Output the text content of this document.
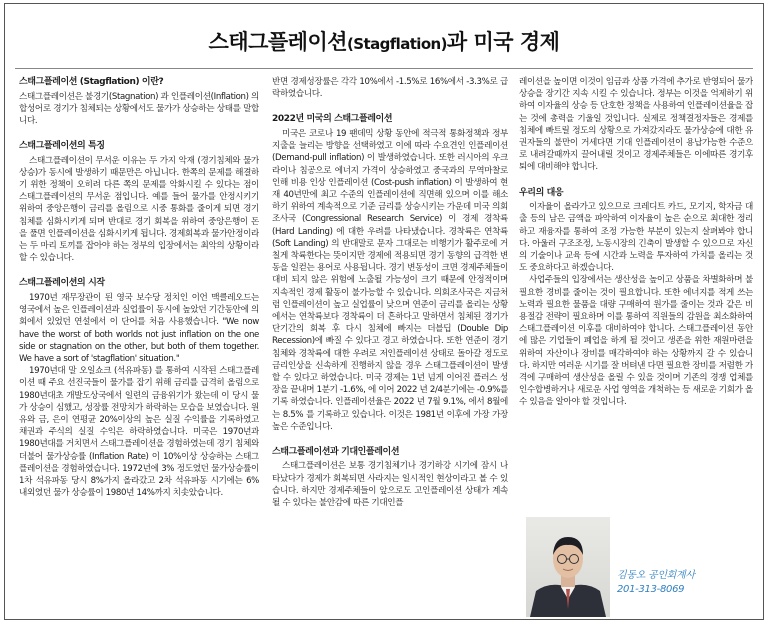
스태그플레이션(Stagflation)과 미국 경제
스태그플레이션 (Stagflation) 이란?

스태그플레이션은 불경기(Stagnation) 과 인플레이션(Inflation) 의 합성어로 경기가 침체되는 상황에서도 물가가 상승하는 상태를 말합니다.

스태그플레이션의 특징

스태그플레이션이 무서운 이유는 두 가지 악재 (경기침체와 물가상승)가 동시에 발생하기 때문만은 아닙니다. 한쪽의 문제를 해결하기 위한 정책이 오히려 다른 쪽의 문제를 악화시킬 수 있다는 점이 스태그플레이션의 무서운 점입니다. 예를 들어 물가를 안정시키기 위하여 중앙은행이 금리를 올림으로 시중 통화를 줄이게 되면 경기침체를 심화시키게 되며 반대로 경기 회복을 위하여 중앙은행이 돈을 풀면 인플레이션을 심화시키게 됩니다. 경제회복과 물가안정이라는 두 마리 토끼를 잡아야 하는 정부의 입장에서는 최악의 상황이라 할 수 있습니다.

스태그플레이션의 시작

1970년 재무장관이 된 영국 보수당 정치인 이언 맥클레오드는 영국에서 높은 인플레이션과 실업률이 동시에 높았던 기간동안에 의회에서 있었던 연설에서 이 단어를 처음 사용했습니다. "We now have the worst of both worlds not just inflation on the one side or stagnation on the other, but both of them together. We have a sort of 'stagflation' situation."

1970년대 말 오일쇼크 (석유파동) 를 통하여 시작된 스태그플레이션 때 주요 선진국들이 물가를 잡기 위해 금리를 급격히 올림으로 1980년대초 개발도상국에서 일련의 금융위기가 왔는데 이 당시 물가 상승이 심했고, 성장률 전망치가 하락하는 모습을 보였습니다. 원유와 금, 은이 연평균 20%이상의 높은 실질 수익률을 기록하였고 채권과 주식의 실질 수익은 하락하였습니다. 미국은 1970년과 1980년대를 거치면서 스태그플레이션을 경험하였는데 경기 침체와 더불어 물가상승률 (Inflation Rate) 이 10%이상 상승하는 스태그플레이션을 경험하였습니다. 1972년에 3% 정도였던 물가상승률이 1차 석유파동 당시 8%가지 올라갔고 2차 석유파동 시기에는 6% 내외였던 물가 상승률이 1980년 14%까지 치솟았습니다.

반면 경제성장률은 각각 10%에서 -1.5%로 16%에서 -3.3%로 급락하였습니다.

2022년 미국의 스태그플레이션

미국은 코로나 19 팬데믹 상황 동안에 적극적 통화정책과 정부지출을 늘리는 방향을 선택하였고 이에 따라 수요견인 인플레이션 (Demand-pull inflation) 이 발생하였습니다. 또한 러시아의 우크라이나 침공으로 에너지 가격이 상승하였고 중국과의 무역마찰로 인해 비용 인상 인플레이션 (Cost-push inflation) 이 발생하여 현재 40년만에 최고 수준의 인플레이션에 직면해 있으며 이를 해소하기 위하여 계속적으로 기준 금리를 상승시키는 가운데 미국 의회조사국 (Congressional Research Service) 이 경제 경착륙 (Hard Landing) 에 대한 우려를 나타냈습니다. 경착륙은 연착륙 (Soft Landing) 의 반대말로 문자 그대로는 비행기가 활주로에 거칠게 착륙한다는 뜻이지만 경제에 적용되면 경기 동향의 급격한 변동을 일컫는 용어로 사용됩니다. 경기 변동성이 크면 경제주체들이 대비 되지 않은 위험에 노출될 가능성이 크기 때문에 안정적이며 지속적인 경제 활동이 불가능할 수 있습니다. 의회조사국은 지금처럼 인플레이션이 높고 실업률이 낮으며 연준이 금리를 올리는 상황에서는 연착륙보다 경착륙이 더 흔하다고 말하면서 침체된 경기가 단기간의 회복 후 다시 침체에 빠지는 더블딥 (Double Dip Recession)에 빠질 수 있다고 경고 하였습니다. 또한 연준이 경기침체와 경착륙에 대한 우려로 저인플레이션 상태로 돌아갈 정도로 금리인상을 신속하게 진행하지 않을 경우 스태그플레이션이 발생할 수 있다고 하였습니다. 미국 경제는 1년 넘게 이어진 플러스 성장을 끝내며 1분기 -1.6%, 에 이어 2022 년 2/4분기에는 -0.9%를 기록 하였습니다. 인플레이션율은 2022 년 7월 9.1%, 에서 8월에는 8.5% 를 기록하고 있습니다. 이것은 1981년 이후에 가장 가장 높은 수준입니다.

스태그플레이션과 기대인플레이션

스태그플레이션은 보통 경기침체기나 경기하강 시기에 잠시 나타났다가 경제가 회복되면 사라지는 일시적인 현상이라고 볼 수 있습니다. 하지만 경제주체들이 앞으로도 고인플레이션 상태가 계속될 수 있다는 불안감에 따른 기대인플

레이션을 높이면 이것이 임금과 상품 가격에 추가로 반영되어 물가상승을 장기간 지속 시킬 수 있습니다. 정부는 이것을 억제하기 위하여 이자율의 상승 등 단호한 정책을 사용하여 인플레이션율을 잡는 것에 총력을 기울일 것입니다. 실제로 정책결정자들은 경제를 침체에 빠트릴 정도의 상황으로 가져갔지라도 물가상승에 대한 유권자들의 불만이 거세다면 기대 인플레이션이 용납가능한 수준으로 내려갈때까지 끌어내릴 것이고 경제주체들은 이에따른 경기후퇴에 대비해야 합니다.

우리의 대응

이자율이 올라가고 있으므로 크레디트 카드, 모기지, 학자금 대출 등의 남은 금액을 파악하여 이자율이 높은 순으로 최대한 정리하고 재융자를 통하여 조정 가능한 부분이 있는지 살펴봐야 합니다. 아울러 구조조정, 노동시장의 긴축이 발생할 수 있으므로 자신의 기술이나 교육 등에 시간과 노력을 투자하여 가치를 올리는 것도 중요하다고 하겠습니다.

사업주들의 입장에서는 생산성을 높이고 상품을 차별화하며 불필요한 경비를 줄이는 것이 필요합니다. 또한 에너지를 적게 쓰는 노력과 필요한 물품을 대량 구매하여 원가를 줄이는 것과 같은 비용절감 전략이 필요하며 이를 통하여 직원들의 감원을 최소화하여 스태그플레이션 이후를 대비하여야 합니다. 스태그플레이션 동안에 많은 기업들이 폐업을 하게 될 것이고 생존을 위한 재원마련을 위하여 자산이나 장비를 매각하여야 하는 상황까지 갈 수 있습니다. 하지만 여러운 시기를 잘 버텨낸 다면 필요한 장비를 저렴한 가격에 구매하여 생산성을 올릴 수 있을 것이며 기존의 경쟁 업체를 인수합병하거나 새로운 사업 영역을 개척하는 등 새로운 기회가 올 수 있음을 알아야 할 것입니다.

김동오 공인회계사
201-313-8069
